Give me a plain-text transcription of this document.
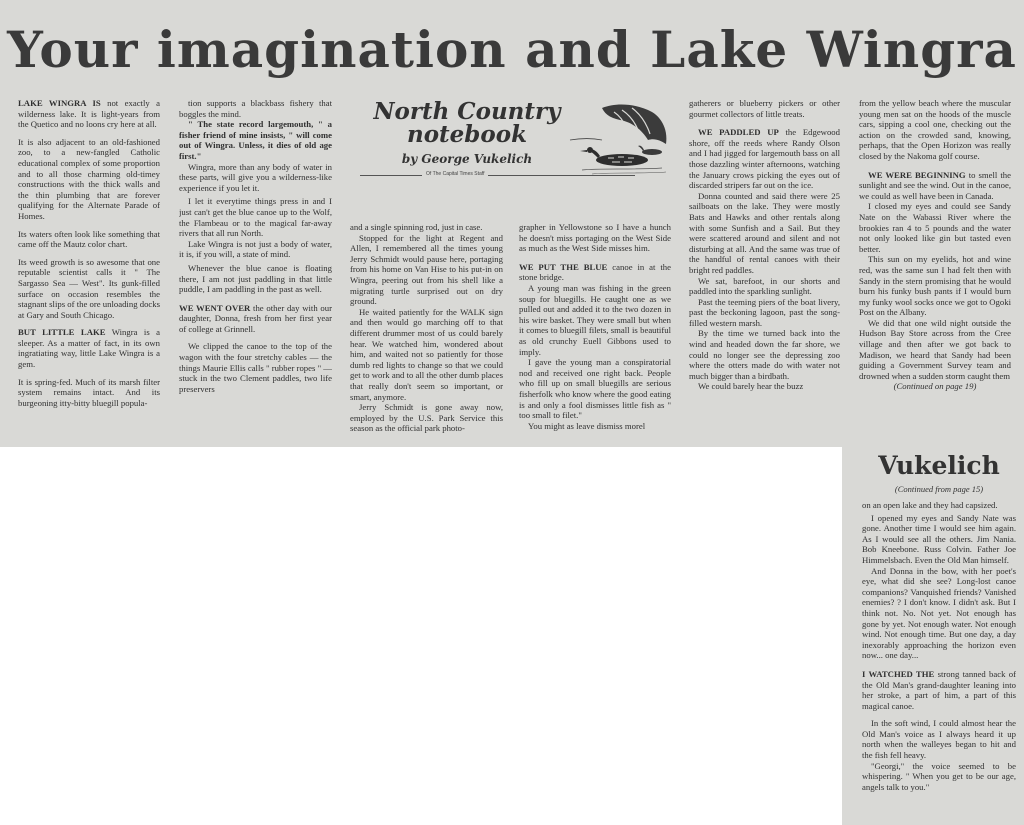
Your imagination and Lake Wingra
North Country notebook
by George Vukelich
Of The Capital Times Staff

LAKE WINGRA IS not exactly a wilderness lake. It is light-years from the Quetico and no loons cry here at all.

It is also adjacent to an old-fashioned zoo, to a new-fangled Catholic educational complex of some proportion and to all those charming old-timey constructions with the thick walls and the thin plumbing that are forever qualifying for the Alternate Parade of Homes.

Its waters often look like something that came off the Mautz color chart.

Its weed growth is so awesome that one reputable scientist calls it " The Sargasso Sea — West". Its gunk-filled surface on occasion resembles the stagnant slips of the ore unloading docks at Gary and South Chicago.

BUT LITTLE LAKE Wingra is a sleeper. As a matter of fact, in its own ingratiating way, little Lake Wingra is a gem.

It is spring-fed. Much of its marsh filter system remains intact. And its burgeoning itty-bitty bluegill popula-

tion supports a blackbass fishery that boggles the mind.

" The state record largemouth, " a fisher friend of mine insists, " will come out of Wingra. Unless, it dies of old age first."

Wingra, more than any body of water in these parts, will give you a wilderness-like experience if you let it.

I let it everytime things press in and I just can't get the blue canoe up to the Wolf, the Flambeau or to the magical far-away rivers that all run North.

Lake Wingra is not just a body of water, it is, if you will, a state of mind.

Whenever the blue canoe is floating there, I am not just paddling in that little puddle, I am paddling in the past as well.

WE WENT OVER the other day with our daughter, Donna, fresh from her first year of college at Grinnell.

We clipped the canoe to the top of the wagon with the four stretchy cables — the things Maurie Ellis calls " rubber ropes " — stuck in the two Clement paddles, two life preservers

and a single spinning rod, just in case.

Stopped for the light at Regent and Allen, I remembered all the times young Jerry Schmidt would pause here, portaging from his home on Van Hise to his put-in on Wingra, peering out from his shell like a migrating turtle surprised out on dry ground.

He waited patiently for the WALK sign and then would go marching off to that different drummer most of us could barely hear. We watched him, wondered about him, and waited not so patiently for those dumb red lights to change so that we could get to work and to all the other dumb places that really don't seem so important, or smart, anymore.

Jerry Schmidt is gone away now, employed by the U.S. Park Service this season as the official park photo-

grapher in Yellowstone so I have a hunch he doesn't miss portaging on the West Side as much as the West Side misses him.

WE PUT THE BLUE canoe in at the stone bridge.

A young man was fishing in the green soup for bluegills. He caught one as we pulled out and added it to the two dozen in his wire basket. They were small but when it comes to bluegill filets, small is beautiful as old crunchy Euell Gibbons used to imply.

I gave the young man a conspiratorial nod and received one right back. People who fill up on small bluegills are serious fisherfolk who know where the good eating is and only a fool dismisses little fish as " too small to filet."

You might as leave dismiss morel

gatherers or blueberry pickers or other gourmet collectors of little treats.

WE PADDLED UP the Edgewood shore, off the reeds where Randy Olson and I had jigged for largemouth bass on all those dazzling winter afternoons, watching the January crows picking the eyes out of discarded stripers far out on the ice.

Donna counted and said there were 25 sailboats on the lake. They were mostly Bats and Hawks and other rentals along with some Sunfish and a Sail. But they were scattered around and silent and not disturbing at all. And the same was true of the handful of rental canoes with their bright red paddles.

We sat, barefoot, in our shorts and paddled into the sparkling sunlight.

Past the teeming piers of the boat livery, past the beckoning lagoon, past the song-filled western marsh.

By the time we turned back into the wind and headed down the far shore, we could no longer see the depressing zoo where the otters made do with water not much bigger than a birdbath.

We could barely hear the buzz

from the yellow beach where the muscular young men sat on the hoods of the muscle cars, sipping a cool one, checking out the action on the crowded sand, knowing, perhaps, that the Open Horizon was really closed by the Nakoma golf course.

WE WERE BEGINNING to smell the sunlight and see the wind. Out in the canoe, we could as well have been in Canada.

I closed my eyes and could see Sandy Nate on the Wabassi River where the brookies ran 4 to 5 pounds and the water not only looked like gin but tasted even better.

This sun on my eyelids, hot and wine red, was the same sun I had felt then with Sandy in the stern promising that he would burn his funky bush pants if I would burn my funky wool socks once we got to Ogoki Post on the Albany.

We did that one wild night outside the Hudson Bay Store across from the Cree village and then after we got back to Madison, we heard that Sandy had been guiding a Government Survey team and drowned when a sudden storm caught them

(Continued on page 19)

Vukelich
(Continued from page 15)

on an open lake and they had capsized.

I opened my eyes and Sandy Nate was gone. Another time I would see him again. As I would see all the others. Jim Nania. Bob Kneebone. Russ Colvin. Father Joe Himmelsbach. Even the Old Man himself.

And Donna in the bow, with her poet's eye, what did she see? Long-lost canoe companions? Vanquished friends? Vanished enemies? ? I don't know. I didn't ask. But I think not. No. Not yet. Not enough has gone by yet. Not enough water. Not enough wind. Not enough time. But one day, a day inexorably approaching the horizon even now... one day...

I WATCHED THE strong tanned back of the Old Man's grand-daughter leaning into her stroke, a part of him, a part of this magical canoe.

In the soft wind, I could almost hear the Old Man's voice as I always heard it up north when the walleyes began to hit and the fish fell heavy.

"Georgi," the voice seemed to be whispering. " When you get to be our age, angels talk to you."
